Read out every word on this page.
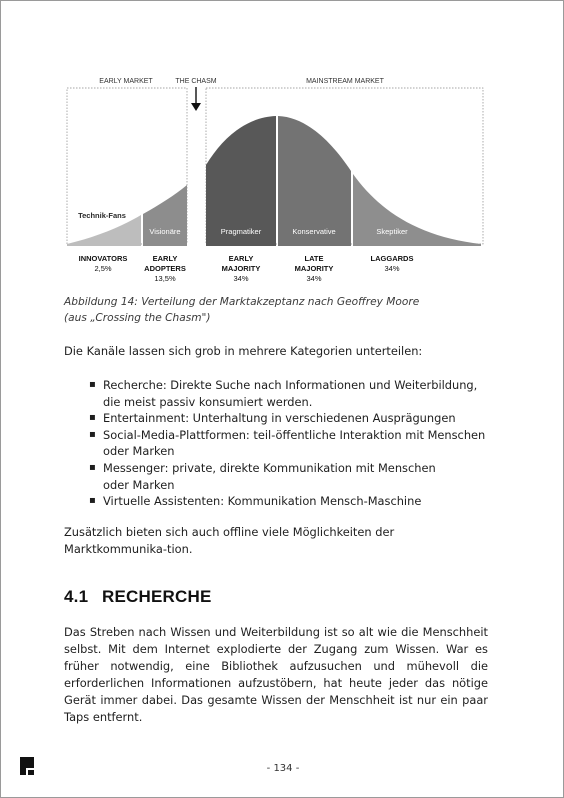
EARLY MARKET	THE CHASM	MAINSTREAM MARKET
Technik-Fans
Visionäre	Pragmatiker	Konservative	Skeptiker
INNOVATORS
2,5%
EARLY
ADOPTERS
13,5%
EARLY
MAJORITY
34%
LATE
MAJORITY
34%
LAGGARDS
34%
Abbildung 14: Verteilung der Marktakzeptanz nach Geoffrey Moore
(aus „Crossing the Chasm")
Die Kanäle lassen sich grob in mehrere Kategorien unterteilen:
▪ Recherche: Direkte Suche nach Informationen und Weiterbildung,
die meist passiv konsumiert werden.
▪ Entertainment: Unterhaltung in verschiedenen Ausprägungen
▪ Social-Media-Plattformen: teil-öffentliche Interaktion mit Menschen
oder Marken
▪ Messenger: private, direkte Kommunikation mit Menschen
oder Marken
▪ Virtuelle Assistenten: Kommunikation Mensch-Maschine
Zusätzlich bieten sich auch offline viele Möglichkeiten der Marktkommunika-tion.
4.1 RECHERCHE
Das Streben nach Wissen und Weiterbildung ist so alt wie die Menschheit selbst. Mit dem Internet explodierte der Zugang zum Wissen. War es früher notwendig, eine Bibliothek aufzusuchen und mühevoll die erforderlichen Informationen aufzustöbern, hat heute jeder das nötige Gerät immer dabei. Das gesamte Wissen der Menschheit ist nur ein paar Taps entfernt.
- 134 -
